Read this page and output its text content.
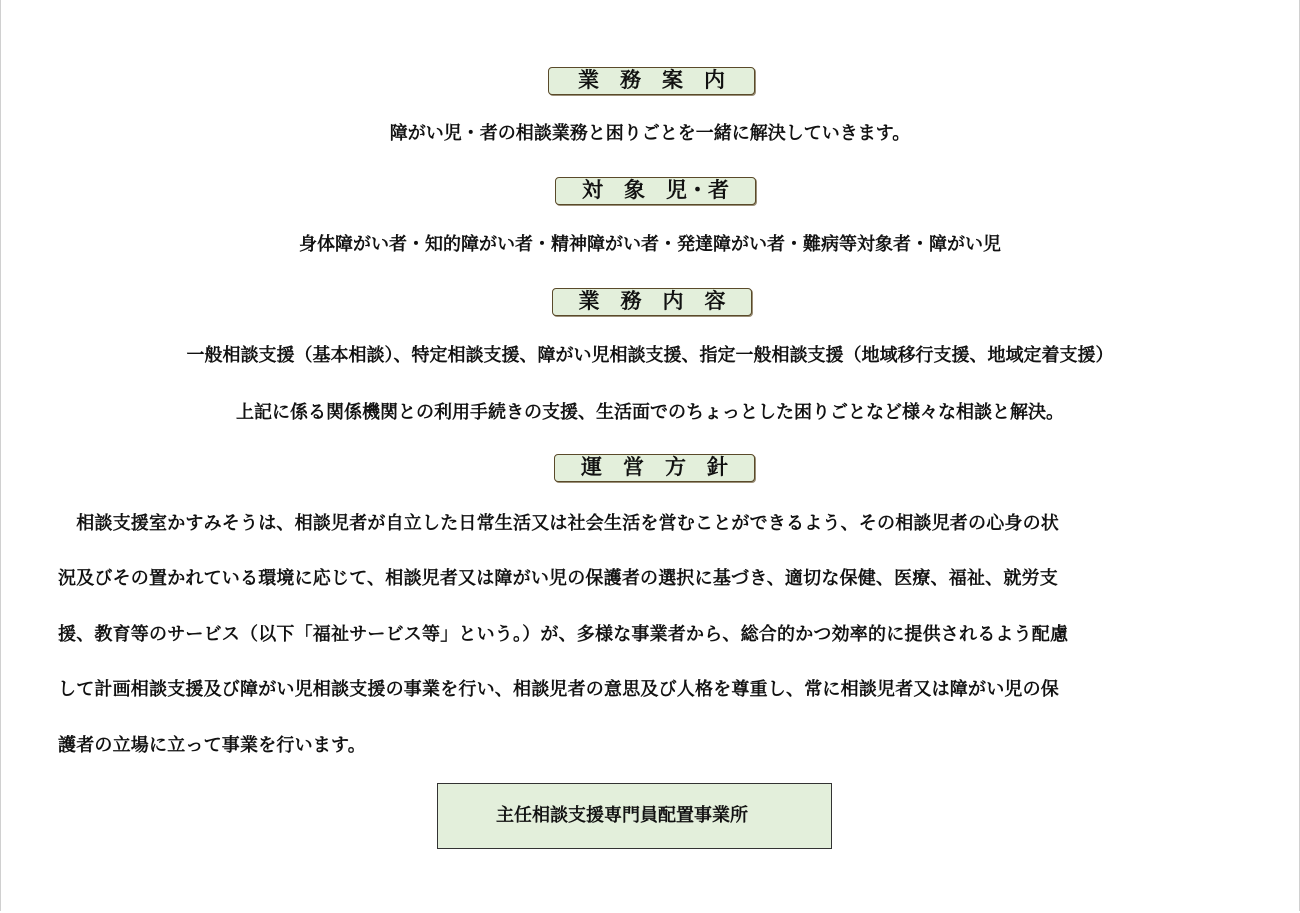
業　務　案　内
障がい児・者の相談業務と困りごとを一緒に解決していきます。
対　象　児・者
身体障がい者・知的障がい者・精神障がい者・発達障がい者・難病等対象者・障がい児
業　務　内　容
一般相談支援（基本相談）、特定相談支援、障がい児相談支援、指定一般相談支援（地域移行支援、地域定着支援）
上記に係る関係機関との利用手続きの支援、生活面でのちょっとした困りごとなど様々な相談と解決。
運　営　方　針
　相談支援室かすみそうは、相談児者が自立した日常生活又は社会生活を営むことができるよう、その相談児者の心身の状
況及びその置かれている環境に応じて、相談児者又は障がい児の保護者の選択に基づき、適切な保健、医療、福祉、就労支
援、教育等のサービス（以下「福祉サービス等」という。）が、多様な事業者から、総合的かつ効率的に提供されるよう配慮
して計画相談支援及び障がい児相談支援の事業を行い、相談児者の意思及び人格を尊重し、常に相談児者又は障がい児の保
護者の立場に立って事業を行います。
主任相談支援専門員配置事業所
